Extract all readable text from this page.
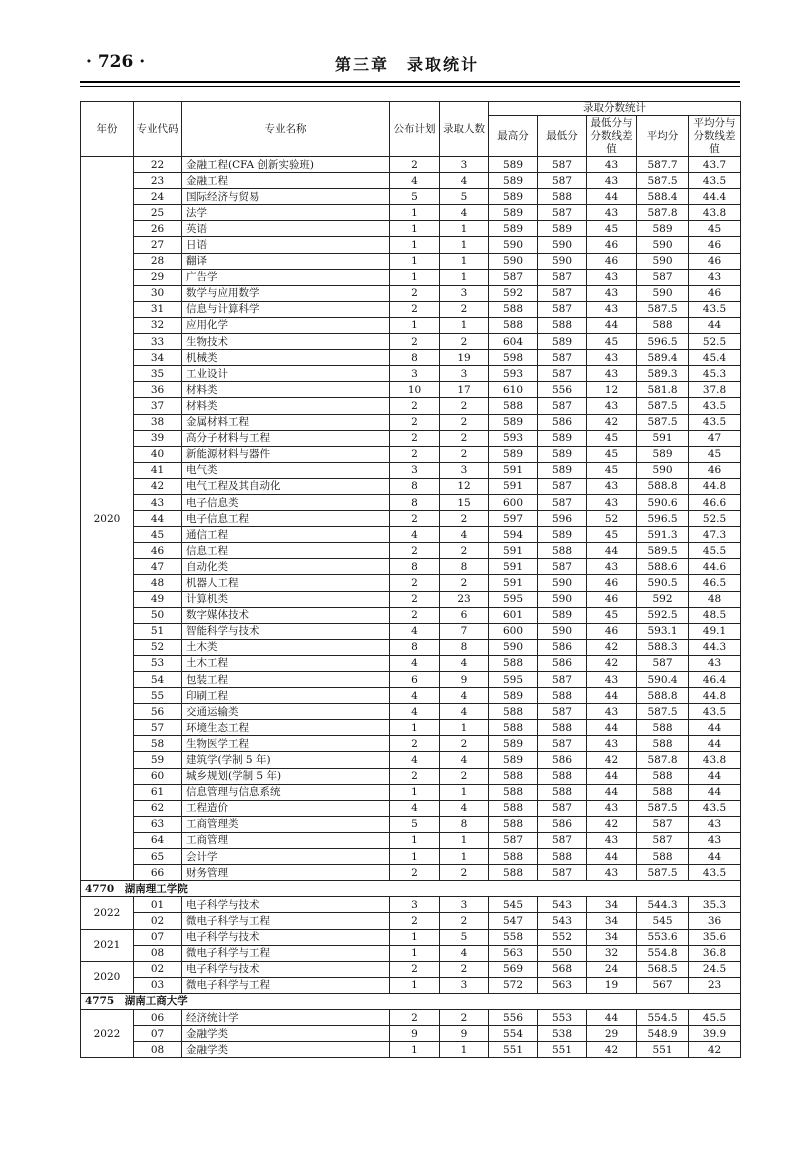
· 726 ·	第三章　录取统计
年份	专业代码	专业名称	公布计划	录取人数	录取分数统计				
					最高分	最低分	最低分与分数线差值	平均分	平均分与分数线差值
2020	22	金融工程(CFA 创新实验班)	2	3	589	587	43	587.7	43.7
	23	金融工程	4	4	589	587	43	587.5	43.5
	24	国际经济与贸易	5	5	589	588	44	588.4	44.4
	25	法学	1	4	589	587	43	587.8	43.8
	26	英语	1	1	589	589	45	589	45
	27	日语	1	1	590	590	46	590	46
	28	翻译	1	1	590	590	46	590	46
	29	广告学	1	1	587	587	43	587	43
	30	数学与应用数学	2	3	592	587	43	590	46
	31	信息与计算科学	2	2	588	587	43	587.5	43.5
	32	应用化学	1	1	588	588	44	588	44
	33	生物技术	2	2	604	589	45	596.5	52.5
	34	机械类	8	19	598	587	43	589.4	45.4
	35	工业设计	3	3	593	587	43	589.3	45.3
	36	材料类	10	17	610	556	12	581.8	37.8
	37	材料类	2	2	588	587	43	587.5	43.5
	38	金属材料工程	2	2	589	586	42	587.5	43.5
	39	高分子材料与工程	2	2	593	589	45	591	47
	40	新能源材料与器件	2	2	589	589	45	589	45
	41	电气类	3	3	591	589	45	590	46
	42	电气工程及其自动化	8	12	591	587	43	588.8	44.8
	43	电子信息类	8	15	600	587	43	590.6	46.6
	44	电子信息工程	2	2	597	596	52	596.5	52.5
	45	通信工程	4	4	594	589	45	591.3	47.3
	46	信息工程	2	2	591	588	44	589.5	45.5
	47	自动化类	8	8	591	587	43	588.6	44.6
	48	机器人工程	2	2	591	590	46	590.5	46.5
	49	计算机类	2	23	595	590	46	592	48
	50	数字媒体技术	2	6	601	589	45	592.5	48.5
	51	智能科学与技术	4	7	600	590	46	593.1	49.1
	52	土木类	8	8	590	586	42	588.3	44.3
	53	土木工程	4	4	588	586	42	587	43
	54	包装工程	6	9	595	587	43	590.4	46.4
	55	印刷工程	4	4	589	588	44	588.8	44.8
	56	交通运输类	4	4	588	587	43	587.5	43.5
	57	环境生态工程	1	1	588	588	44	588	44
	58	生物医学工程	2	2	589	587	43	588	44
	59	建筑学(学制 5 年)	4	4	589	586	42	587.8	43.8
	60	城乡规划(学制 5 年)	2	2	588	588	44	588	44
	61	信息管理与信息系统	1	1	588	588	44	588	44
	62	工程造价	4	4	588	587	43	587.5	43.5
	63	工商管理类	5	8	588	586	42	587	43
	64	工商管理	1	1	587	587	43	587	43
	65	会计学	1	1	588	588	44	588	44
	66	财务管理	2	2	588	587	43	587.5	43.5
4770　湖南理工学院									
2022	01	电子科学与技术	3	3	545	543	34	544.3	35.3
	02	微电子科学与工程	2	2	547	543	34	545	36
2021	07	电子科学与技术	1	5	558	552	34	553.6	35.6
	08	微电子科学与工程	1	4	563	550	32	554.8	36.8
2020	02	电子科学与技术	2	2	569	568	24	568.5	24.5
	03	微电子科学与工程	1	3	572	563	19	567	23
4775　湖南工商大学									
2022	06	经济统计学	2	2	556	553	44	554.5	45.5
	07	金融学类	9	9	554	538	29	548.9	39.9
	08	金融学类	1	1	551	551	42	551	42
